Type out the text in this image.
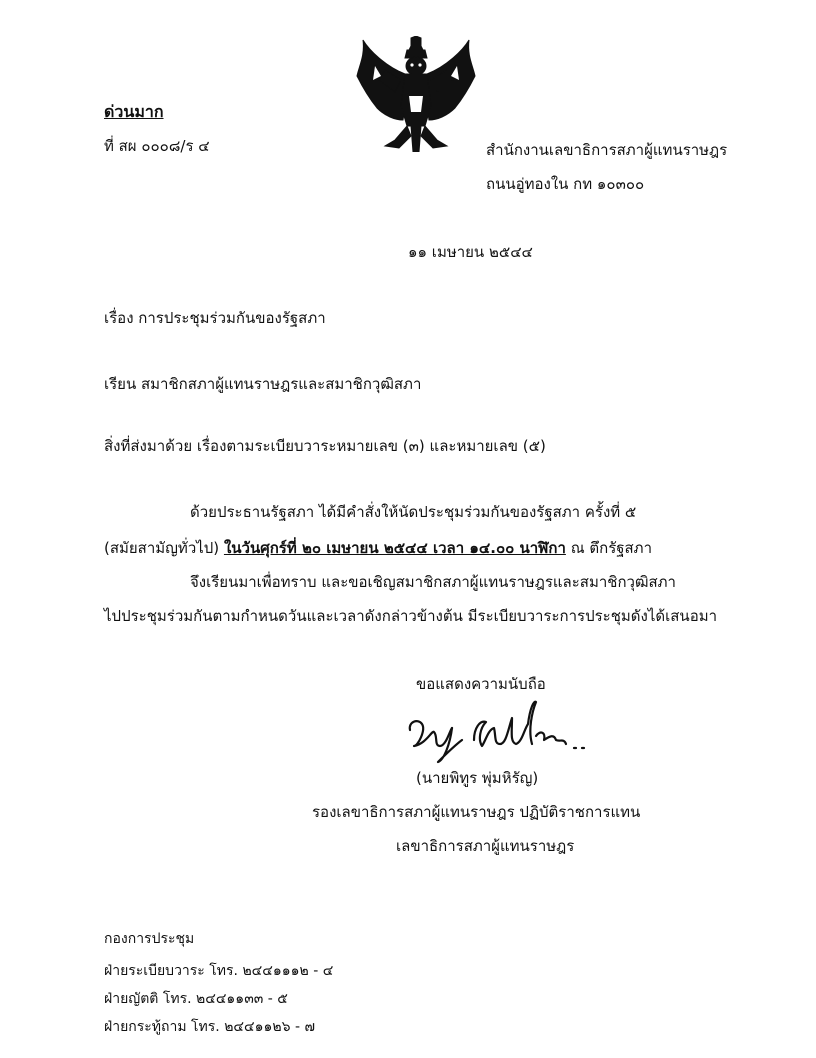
ด่วนมาก
ที่ สผ ๐๐๐๘/ร ๔	สำนักงานเลขาธิการสภาผู้แทนราษฎร
ถนนอู่ทองใน กท ๑๐๓๐๐
๑๑ เมษายน ๒๕๔๔
เรื่อง การประชุมร่วมกันของรัฐสภา
เรียน สมาชิกสภาผู้แทนราษฎรและสมาชิกวุฒิสภา
สิ่งที่ส่งมาด้วย เรื่องตามระเบียบวาระหมายเลข (๓) และหมายเลข (๕)
ด้วยประธานรัฐสภา ได้มีคำสั่งให้นัดประชุมร่วมกันของรัฐสภา ครั้งที่ ๕
(สมัยสามัญทั่วไป) ในวันศุกร์ที่ ๒๐ เมษายน ๒๕๔๔ เวลา ๑๔.๐๐ นาฬิกา ณ ตึกรัฐสภา
จึงเรียนมาเพื่อทราบ และขอเชิญสมาชิกสภาผู้แทนราษฎรและสมาชิกวุฒิสภา
ไปประชุมร่วมกันตามกำหนดวันและเวลาดังกล่าวข้างต้น มีระเบียบวาระการประชุมดังได้เสนอมา
ขอแสดงความนับถือ
(นายพิทูร พุ่มหิรัญ)
รองเลขาธิการสภาผู้แทนราษฎร ปฏิบัติราชการแทน
เลขาธิการสภาผู้แทนราษฎร
กองการประชุม
ฝ่ายระเบียบวาระ โทร. ๒๔๔๑๑๑๒ - ๔
ฝ่ายญัตติ โทร. ๒๔๔๑๑๓๓ - ๕
ฝ่ายกระทู้ถาม โทร. ๒๔๔๑๑๒๖ - ๗
